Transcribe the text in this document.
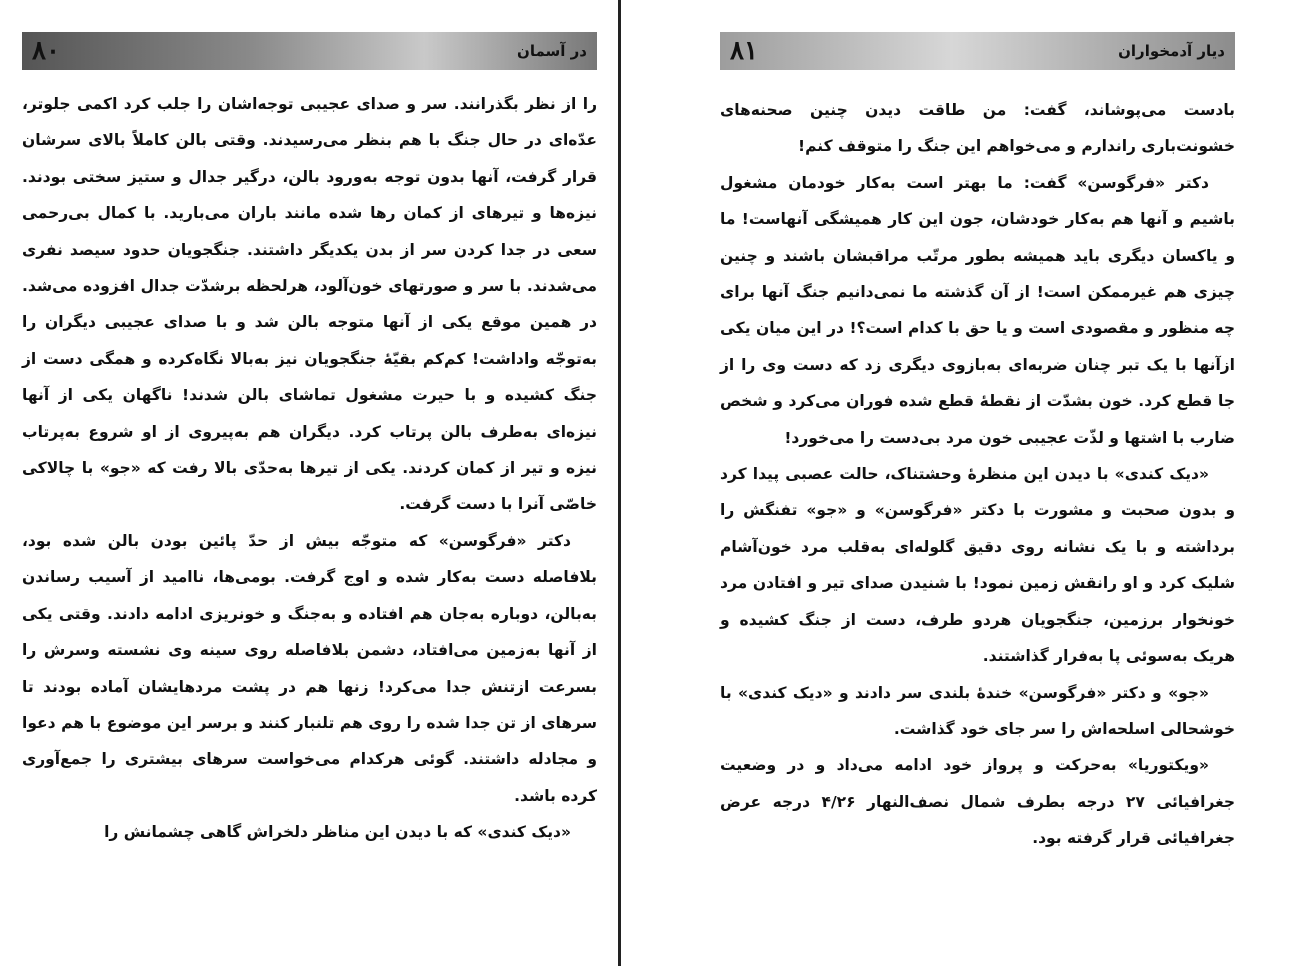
۸۰	در آسمان

را از نظر بگذرانند. سر و صدای عجیبی توجه‌اشان را جلب کرد اکمی جلوتر، عدّه‌ای در حال جنگ با هم بنظر می‌رسیدند. وقتی بالن کاملاً بالای سرشان قرار گرفت، آنها بدون توجه به‌ورود بالن، درگیر جدال و ستیز سختی بودند. نیزه‌ها و تیرهای از کمان رها شده مانند باران می‌بارید. با کمال بی‌رحمی سعی در جدا کردن سر از بدن یکدیگر داشتند. جنگجویان حدود سیصد نفری می‌شدند. با سر و صورتهای خون‌آلود، هرلحظه برشدّت جدال افزوده می‌شد. در همین موقع یکی از آنها متوجه بالن شد و با صدای عجیبی دیگران را به‌توجّه واداشت! کم‌کم بقیّهٔ جنگجویان نیز به‌بالا نگاه‌کرده و همگی دست از جنگ کشیده و با حیرت مشغول تماشای بالن شدند! ناگهان یکی از آنها نیزه‌ای به‌طرف بالن پرتاب کرد. دیگران هم به‌پیروی از او شروع به‌پرتاب نیزه و تیر از کمان کردند. یکی از تیرها به‌حدّی بالا رفت که «جو» با چالاکی خاصّی آنرا با دست گرفت.

دکتر «فرگوسن» که متوجّه بیش از حدّ پائین بودن بالن شده بود، بلافاصله دست به‌کار شده و اوج گرفت. بومی‌ها، ناامید از آسیب رساندن به‌بالن، دوباره به‌جان هم افتاده و به‌جنگ و خونریزی ادامه دادند. وقتی یکی از آنها به‌زمین می‌افتاد، دشمن بلافاصله روی سینه وی نشسته وسرش را بسرعت ازتنش جدا می‌کرد! زنها هم در پشت مردهایشان آماده بودند تا سرهای از تن جدا شده را روی هم تلنبار کنند و برسر این موضوع با هم دعوا و مجادله داشتند. گوئی هرکدام می‌خواست سرهای بیشتری را جمع‌آوری کرده باشد.

«دیک کندی» که با دیدن این مناظر دلخراش گاهی چشمانش را

۸۱	دیار آدمخواران

بادست می‌پوشاند، گفت: من طاقت دیدن چنین صحنه‌های خشونت‌باری راندارم و می‌خواهم این جنگ را متوقف کنم!

دکتر «فرگوسن» گفت: ما بهتر است به‌کار خودمان مشغول باشیم و آنها هم به‌کار خودشان، جون این کار همیشگی آنهاست! ما و یاکسان دیگری باید همیشه بطور مرتّب مراقبشان باشند و چنین چیزی هم غیرممکن است! از آن گذشته ما نمی‌دانیم جنگ آنها برای چه منظور و مقصودی است و یا حق با کدام است؟! در این میان یکی ازآنها با یک تبر چنان ضربه‌ای به‌بازوی دیگری زد که دست وی را از جا قطع کرد. خون بشدّت از نقطهٔ قطع شده فوران می‌کرد و شخص ضارب با اشتها و لذّت عجیبی خون مرد بی‌دست را می‌خورد!

«دیک کندی» با دیدن این منظرهٔ وحشتناک، حالت عصبی پیدا کرد و بدون صحبت و مشورت با دکتر «فرگوسن» و «جو» تفنگش را برداشته و با یک نشانه روی دقیق گلوله‌ای به‌قلب مرد خون‌آشام شلیک کرد و او رانقش زمین نمود! با شنیدن صدای تیر و افتادن مرد خونخوار برزمین، جنگجویان هردو طرف، دست از جنگ کشیده و هریک به‌سوئی پا به‌فرار گذاشتند.

«جو» و دکتر «فرگوسن» خندهٔ بلندی سر دادند و «دیک کندی» با خوشحالی اسلحه‌اش را سر جای خود گذاشت.

«ویکتوریا» به‌حرکت و پرواز خود ادامه می‌داد و در وضعیت جغرافیائی ۲۷ درجه بطرف شمال نصف‌النهار ۴/۲۶ درجه عرض جغرافیائی قرار گرفته بود.
